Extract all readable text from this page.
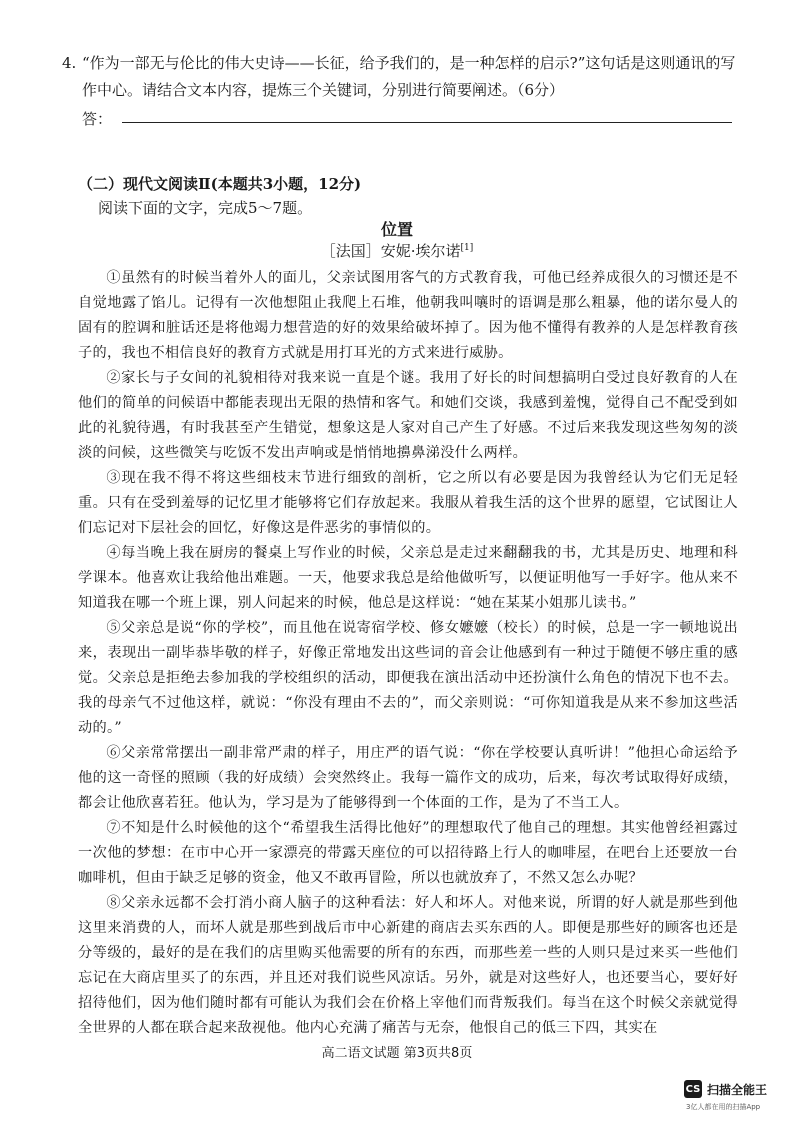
4. “作为一部无与伦比的伟大史诗——长征，给予我们的，是一种怎样的启示?”这句话是这则通讯的写作中心。请结合文本内容，提炼三个关键词，分别进行简要阐述。（6分）
答：
（二）现代文阅读Ⅱ(本题共3小题，12分)
阅读下面的文字，完成5～7题。
位置
［法国］安妮·埃尔诺[1]

①虽然有的时候当着外人的面儿，父亲试图用客气的方式教育我，可他已经养成很久的习惯还是不自觉地露了馅儿。记得有一次他想阻止我爬上石堆，他朝我叫嚷时的语调是那么粗暴，他的诺尔曼人的固有的腔调和脏话还是将他竭力想营造的好的效果给破坏掉了。因为他不懂得有教养的人是怎样教育孩子的，我也不相信良好的教育方式就是用打耳光的方式来进行威胁。

②家长与子女间的礼貌相待对我来说一直是个谜。我用了好长的时间想搞明白受过良好教育的人在他们的简单的问候语中都能表现出无限的热情和客气。和她们交谈，我感到羞愧，觉得自己不配受到如此的礼貌待遇，有时我甚至产生错觉，想象这是人家对自己产生了好感。不过后来我发现这些匆匆的淡淡的问候，这些微笑与吃饭不发出声响或是悄悄地擤鼻涕没什么两样。

③现在我不得不将这些细枝末节进行细致的剖析，它之所以有必要是因为我曾经认为它们无足轻重。只有在受到羞辱的记忆里才能够将它们存放起来。我服从着我生活的这个世界的愿望，它试图让人们忘记对下层社会的回忆，好像这是件恶劣的事情似的。

④每当晚上我在厨房的餐桌上写作业的时候，父亲总是走过来翻翻我的书，尤其是历史、地理和科学课本。他喜欢让我给他出难题。一天，他要求我总是给他做听写，以便证明他写一手好字。他从来不知道我在哪一个班上课，别人问起来的时候，他总是这样说：“她在某某小姐那儿读书。”

⑤父亲总是说“你的学校”，而且他在说寄宿学校、修女嬷嬷（校长）的时候，总是一字一顿地说出来，表现出一副毕恭毕敬的样子，好像正常地发出这些词的音会让他感到有一种过于随便不够庄重的感觉。父亲总是拒绝去参加我的学校组织的活动，即便我在演出活动中还扮演什么角色的情况下也不去。我的母亲气不过他这样，就说：“你没有理由不去的”，而父亲则说：“可你知道我是从来不参加这些活动的。”

⑥父亲常常摆出一副非常严肃的样子，用庄严的语气说：“你在学校要认真听讲！”他担心命运给予他的这一奇怪的照顾（我的好成绩）会突然终止。我每一篇作文的成功，后来，每次考试取得好成绩，都会让他欣喜若狂。他认为，学习是为了能够得到一个体面的工作，是为了不当工人。

⑦不知是什么时候他的这个“希望我生活得比他好”的理想取代了他自己的理想。其实他曾经袒露过一次他的梦想：在市中心开一家漂亮的带露天座位的可以招待路上行人的咖啡屋，在吧台上还要放一台咖啡机，但由于缺乏足够的资金，他又不敢再冒险，所以也就放弃了，不然又怎么办呢？

⑧父亲永远都不会打消小商人脑子的这种看法：好人和坏人。对他来说，所谓的好人就是那些到他这里来消费的人，而坏人就是那些到战后市中心新建的商店去买东西的人。即便是那些好的顾客也还是分等级的，最好的是在我们的店里购买他需要的所有的东西，而那些差一些的人则只是过来买一些他们忘记在大商店里买了的东西，并且还对我们说些风凉话。另外，就是对这些好人，也还要当心，要好好招待他们，因为他们随时都有可能认为我们会在价格上宰他们而背叛我们。每当在这个时候父亲就觉得全世界的人都在联合起来敌视他。他内心充满了痛苦与无奈，他恨自己的低三下四，其实在

高二语文试题 第3页共8页
CS 扫描全能王
3亿人都在用的扫描App
